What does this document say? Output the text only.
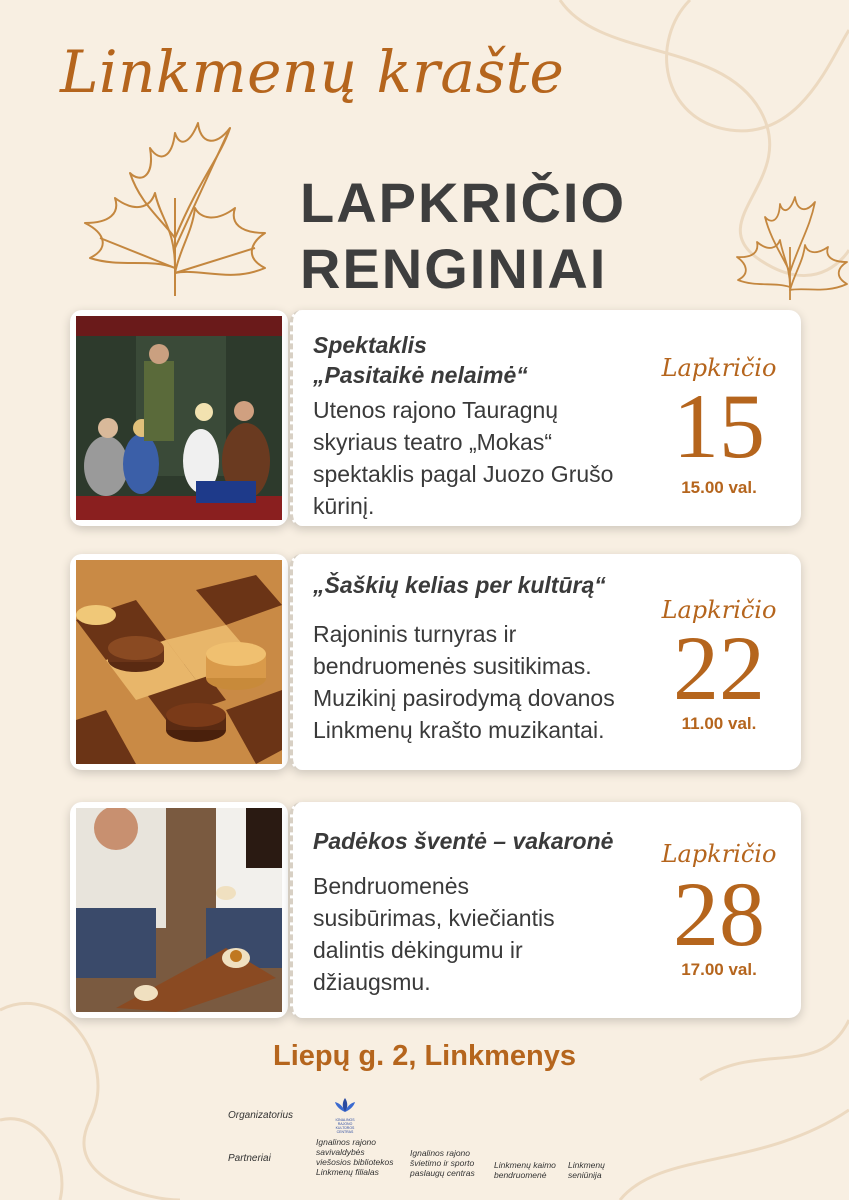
Linkmenų krašte
LAPKRIČIO
RENGINIAI
Spektaklis
„Pasitaikė nelaimė“
Utenos rajono Tauragnų
skyriaus teatro „Mokas“
spektaklis pagal Juozo Grušo
kūrinį.
Lapkričio
15
15.00 val.
„Šaškių kelias per kultūrą“
Rajoninis turnyras ir
bendruomenės susitikimas.
Muzikinį pasirodymą dovanos
Linkmenų krašto muzikantai.
Lapkričio
22
11.00 val.
Padėkos šventė – vakaronė
Bendruomenės
susibūrimas, kviečiantis
dalintis dėkingumu ir
džiaugsmu.
Lapkričio
28
17.00 val.
Liepų g. 2, Linkmenys
Organizatorius	IGNALINOS RAJONO
KULTŪROS CENTRAS
Partneriai
Ignalinos rajono
savivaldybės
viešosios bibliotekos
Linkmenų filialas
Ignalinos rajono
švietimo ir sporto
paslaugų centras
Linkmenų kaimo
bendruomenė
Linkmenų
seniūnija
